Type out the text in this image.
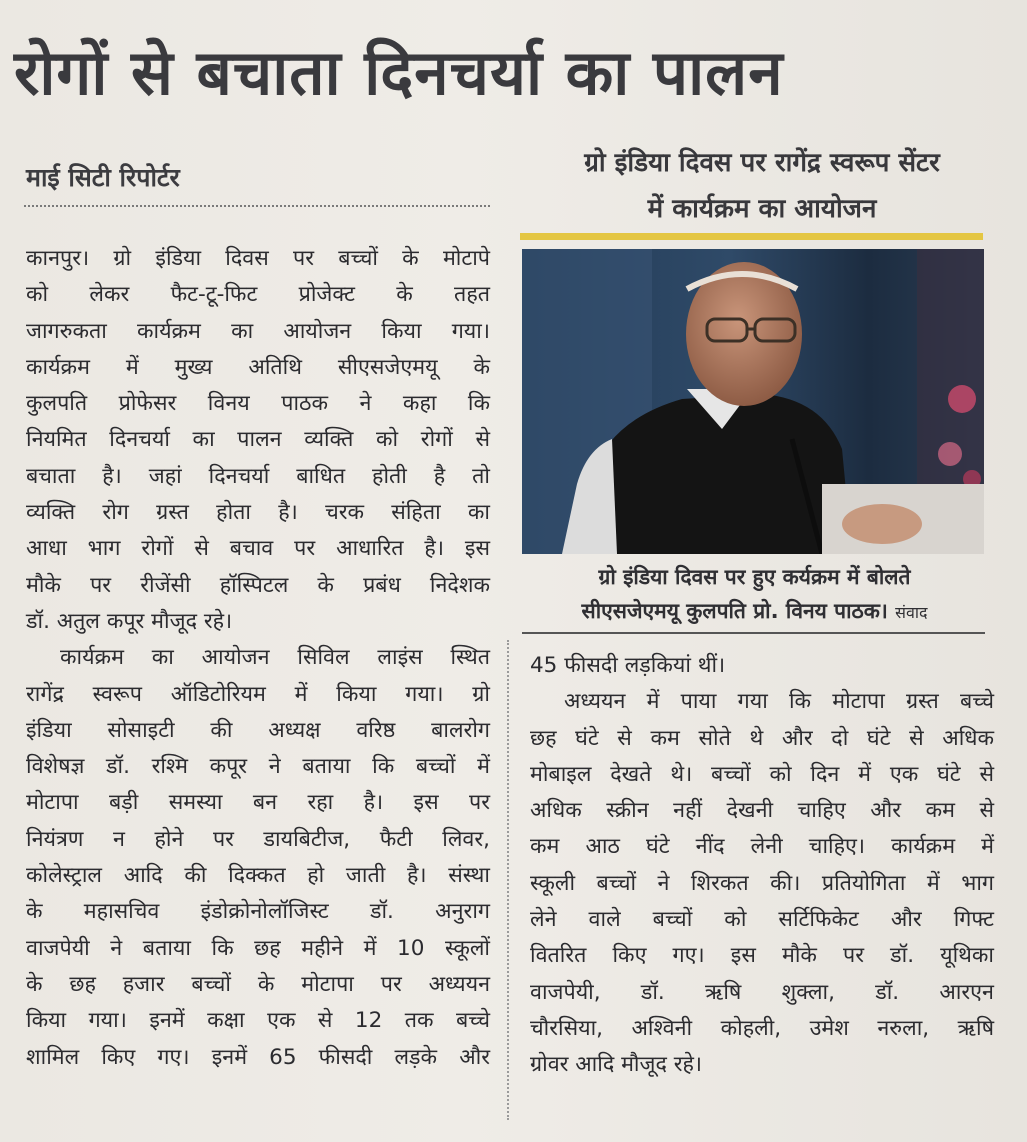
रोगों से बचाता दिनचर्या का पालन
माई सिटी रिपोर्टर	ग्रो इंडिया दिवस पर रागेंद्र स्वरूप सेंटर
में कार्यक्रम का आयोजन
ग्रो इंडिया दिवस पर हुए कर्यक्रम में बोलते
सीएसजेएमयू कुलपति प्रो. विनय पाठक। संवाद
कानपुर। ग्रो इंडिया दिवस पर बच्चों के मोटापे
को लेकर फैट-टू-फिट प्रोजेक्ट के तहत
जागरुकता कार्यक्रम का आयोजन किया गया।
कार्यक्रम में मुख्य अतिथि सीएसजेएमयू के
कुलपति प्रोफेसर विनय पाठक ने कहा कि
नियमित दिनचर्या का पालन व्यक्ति को रोगों से
बचाता है। जहां दिनचर्या बाधित होती है तो
व्यक्ति रोग ग्रस्त होता है। चरक संहिता का
आधा भाग रोगों से बचाव पर आधारित है। इस
मौके पर रीजेंसी हॉस्पिटल के प्रबंध निदेशक
डॉ. अतुल कपूर मौजूद रहे।
कार्यक्रम का आयोजन सिविल लाइंस स्थित
रागेंद्र स्वरूप ऑडिटोरियम में किया गया। ग्रो
इंडिया सोसाइटी की अध्यक्ष वरिष्ठ बालरोग
विशेषज्ञ डॉ. रश्मि कपूर ने बताया कि बच्चों में
मोटापा बड़ी समस्या बन रहा है। इस पर
नियंत्रण न होने पर डायबिटीज, फैटी लिवर,
कोलेस्ट्राल आदि की दिक्कत हो जाती है। संस्था
के महासचिव इंडोक्रोनोलॉजिस्ट डॉ. अनुराग
वाजपेयी ने बताया कि छह महीने में 10 स्कूलों
के छह हजार बच्चों के मोटापा पर अध्ययन
किया गया। इनमें कक्षा एक से 12 तक बच्चे
शामिल किए गए। इनमें 65 फीसदी लड़के और
45 फीसदी लड़कियां थीं।
अध्ययन में पाया गया कि मोटापा ग्रस्त बच्चे
छह घंटे से कम सोते थे और दो घंटे से अधिक
मोबाइल देखते थे। बच्चों को दिन में एक घंटे से
अधिक स्क्रीन नहीं देखनी चाहिए और कम से
कम आठ घंटे नींद लेनी चाहिए। कार्यक्रम में
स्कूली बच्चों ने शिरकत की। प्रतियोगिता में भाग
लेने वाले बच्चों को सर्टिफिकेट और गिफ्ट
वितरित किए गए। इस मौके पर डॉ. यूथिका
वाजपेयी, डॉ. ऋषि शुक्ला, डॉ. आरएन
चौरसिया, अश्विनी कोहली, उमेश नरुला, ऋषि
ग्रोवर आदि मौजूद रहे।
